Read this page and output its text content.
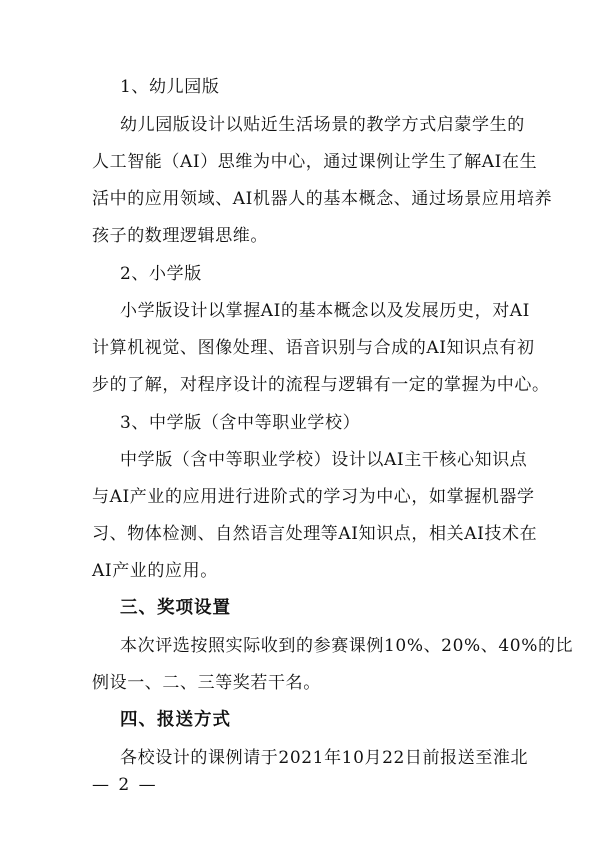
1、幼儿园版
幼儿园版设计以贴近生活场景的教学方式启蒙学生的
人工智能（AI）思维为中心，通过课例让学生了解AI在生
活中的应用领域、AI机器人的基本概念、通过场景应用培养
孩子的数理逻辑思维。
2、小学版
小学版设计以掌握AI的基本概念以及发展历史，对AI
计算机视觉、图像处理、语音识别与合成的AI知识点有初
步的了解，对程序设计的流程与逻辑有一定的掌握为中心。
3、中学版（含中等职业学校）
中学版（含中等职业学校）设计以AI主干核心知识点
与AI产业的应用进行进阶式的学习为中心，如掌握机器学
习、物体检测、自然语言处理等AI知识点，相关AI技术在
AI产业的应用。
三、奖项设置
本次评选按照实际收到的参赛课例10%、20%、40%的比
例设一、二、三等奖若干名。
四、报送方式
各校设计的课例请于2021年10月22日前报送至淮北
— 2 —
